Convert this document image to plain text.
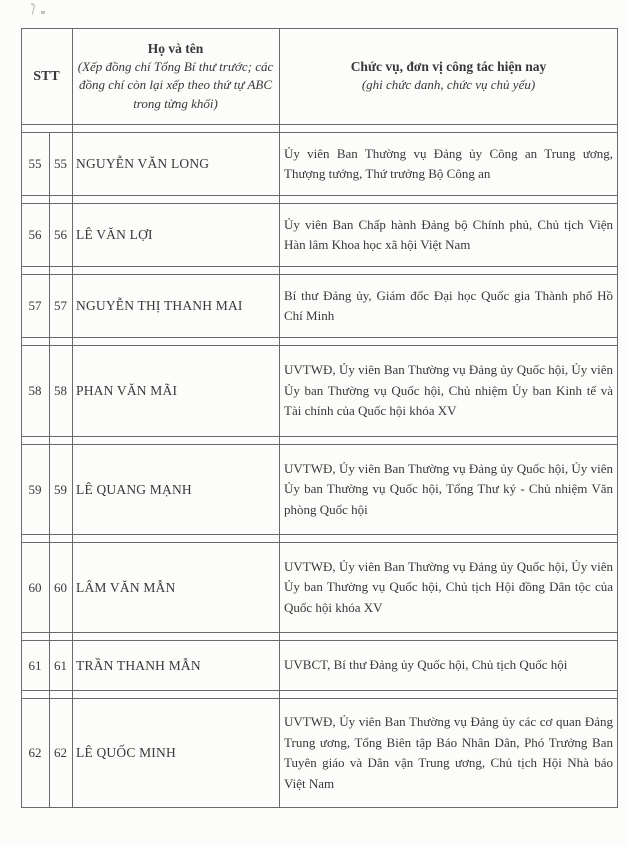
STT
Họ và tên
(Xếp đồng chí Tổng Bí thư trước; các đồng chí còn lại xếp theo thứ tự ABC trong từng khối)
Chức vụ, đơn vị công tác hiện nay
(ghi chức danh, chức vụ chủ yếu)
55 55 NGUYỄN VĂN LONG
Ủy viên Ban Thường vụ Đảng ủy Công an Trung ương, Thượng tướng, Thứ trưởng Bộ Công an
56 56 LÊ VĂN LỢI
Ủy viên Ban Chấp hành Đảng bộ Chính phủ, Chủ tịch Viện Hàn lâm Khoa học xã hội Việt Nam
57 57 NGUYỄN THỊ THANH MAI
Bí thư Đảng ủy, Giám đốc Đại học Quốc gia Thành phố Hồ Chí Minh
58 58 PHAN VĂN MÃI
UVTWĐ, Ủy viên Ban Thường vụ Đảng ủy Quốc hội, Ủy viên Ủy ban Thường vụ Quốc hội, Chủ nhiệm Ủy ban Kinh tế và Tài chính của Quốc hội khóa XV
59 59 LÊ QUANG MẠNH
UVTWĐ, Ủy viên Ban Thường vụ Đảng ủy Quốc hội, Ủy viên Ủy ban Thường vụ Quốc hội, Tổng Thư ký - Chủ nhiệm Văn phòng Quốc hội
60 60 LÂM VĂN MẪN
UVTWĐ, Ủy viên Ban Thường vụ Đảng ủy Quốc hội, Ủy viên Ủy ban Thường vụ Quốc hội, Chủ tịch Hội đồng Dân tộc của Quốc hội khóa XV
61 61 TRẦN THANH MẪN	UVBCT, Bí thư Đảng ủy Quốc hội, Chủ tịch Quốc hội
62 62 LÊ QUỐC MINH
UVTWĐ, Ủy viên Ban Thường vụ Đảng ủy các cơ quan Đảng Trung ương, Tổng Biên tập Báo Nhân Dân, Phó Trưởng Ban Tuyên giáo và Dân vận Trung ương, Chủ tịch Hội Nhà báo Việt Nam
